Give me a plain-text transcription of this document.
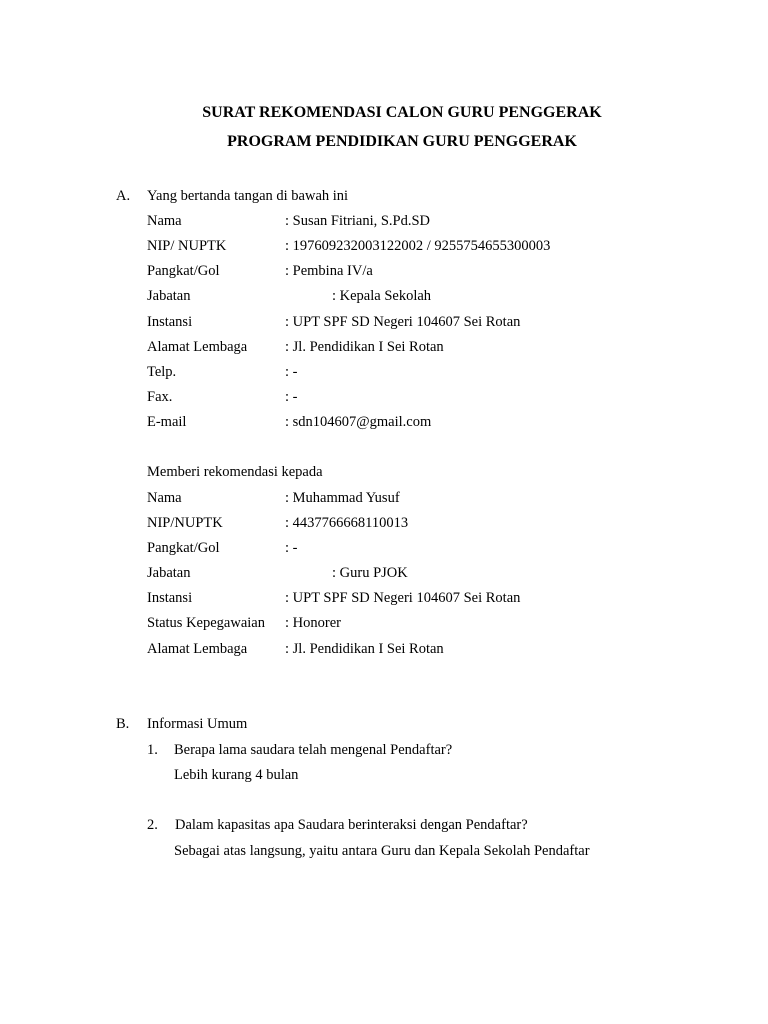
SURAT REKOMENDASI CALON GURU PENGGERAK
PROGRAM PENDIDIKAN GURU PENGGERAK
A. Yang bertanda tangan di bawah ini
Nama	: Susan Fitriani, S.Pd.SD
NIP/ NUPTK	: 197609232003122002 / 9255754655300003
Pangkat/Gol	: Pembina IV/a
Jabatan	: Kepala Sekolah
Instansi	: UPT SPF SD Negeri 104607 Sei Rotan
Alamat Lembaga	: Jl. Pendidikan I Sei Rotan
Telp.	: -
Fax.	: -
E-mail	: sdn104607@gmail.com
Memberi rekomendasi kepada
Nama	: Muhammad Yusuf
NIP/NUPTK	: 4437766668110013
Pangkat/Gol	: -
Jabatan	: Guru PJOK
Instansi	: UPT SPF SD Negeri 104607 Sei Rotan
Status Kepegawaian : Honorer
Alamat Lembaga	: Jl. Pendidikan I Sei Rotan
B. Informasi Umum
1. Berapa lama saudara telah mengenal Pendaftar?
Lebih kurang 4 bulan
2. Dalam kapasitas apa Saudara berinteraksi dengan Pendaftar?
Sebagai atas langsung, yaitu antara Guru dan Kepala Sekolah Pendaftar
